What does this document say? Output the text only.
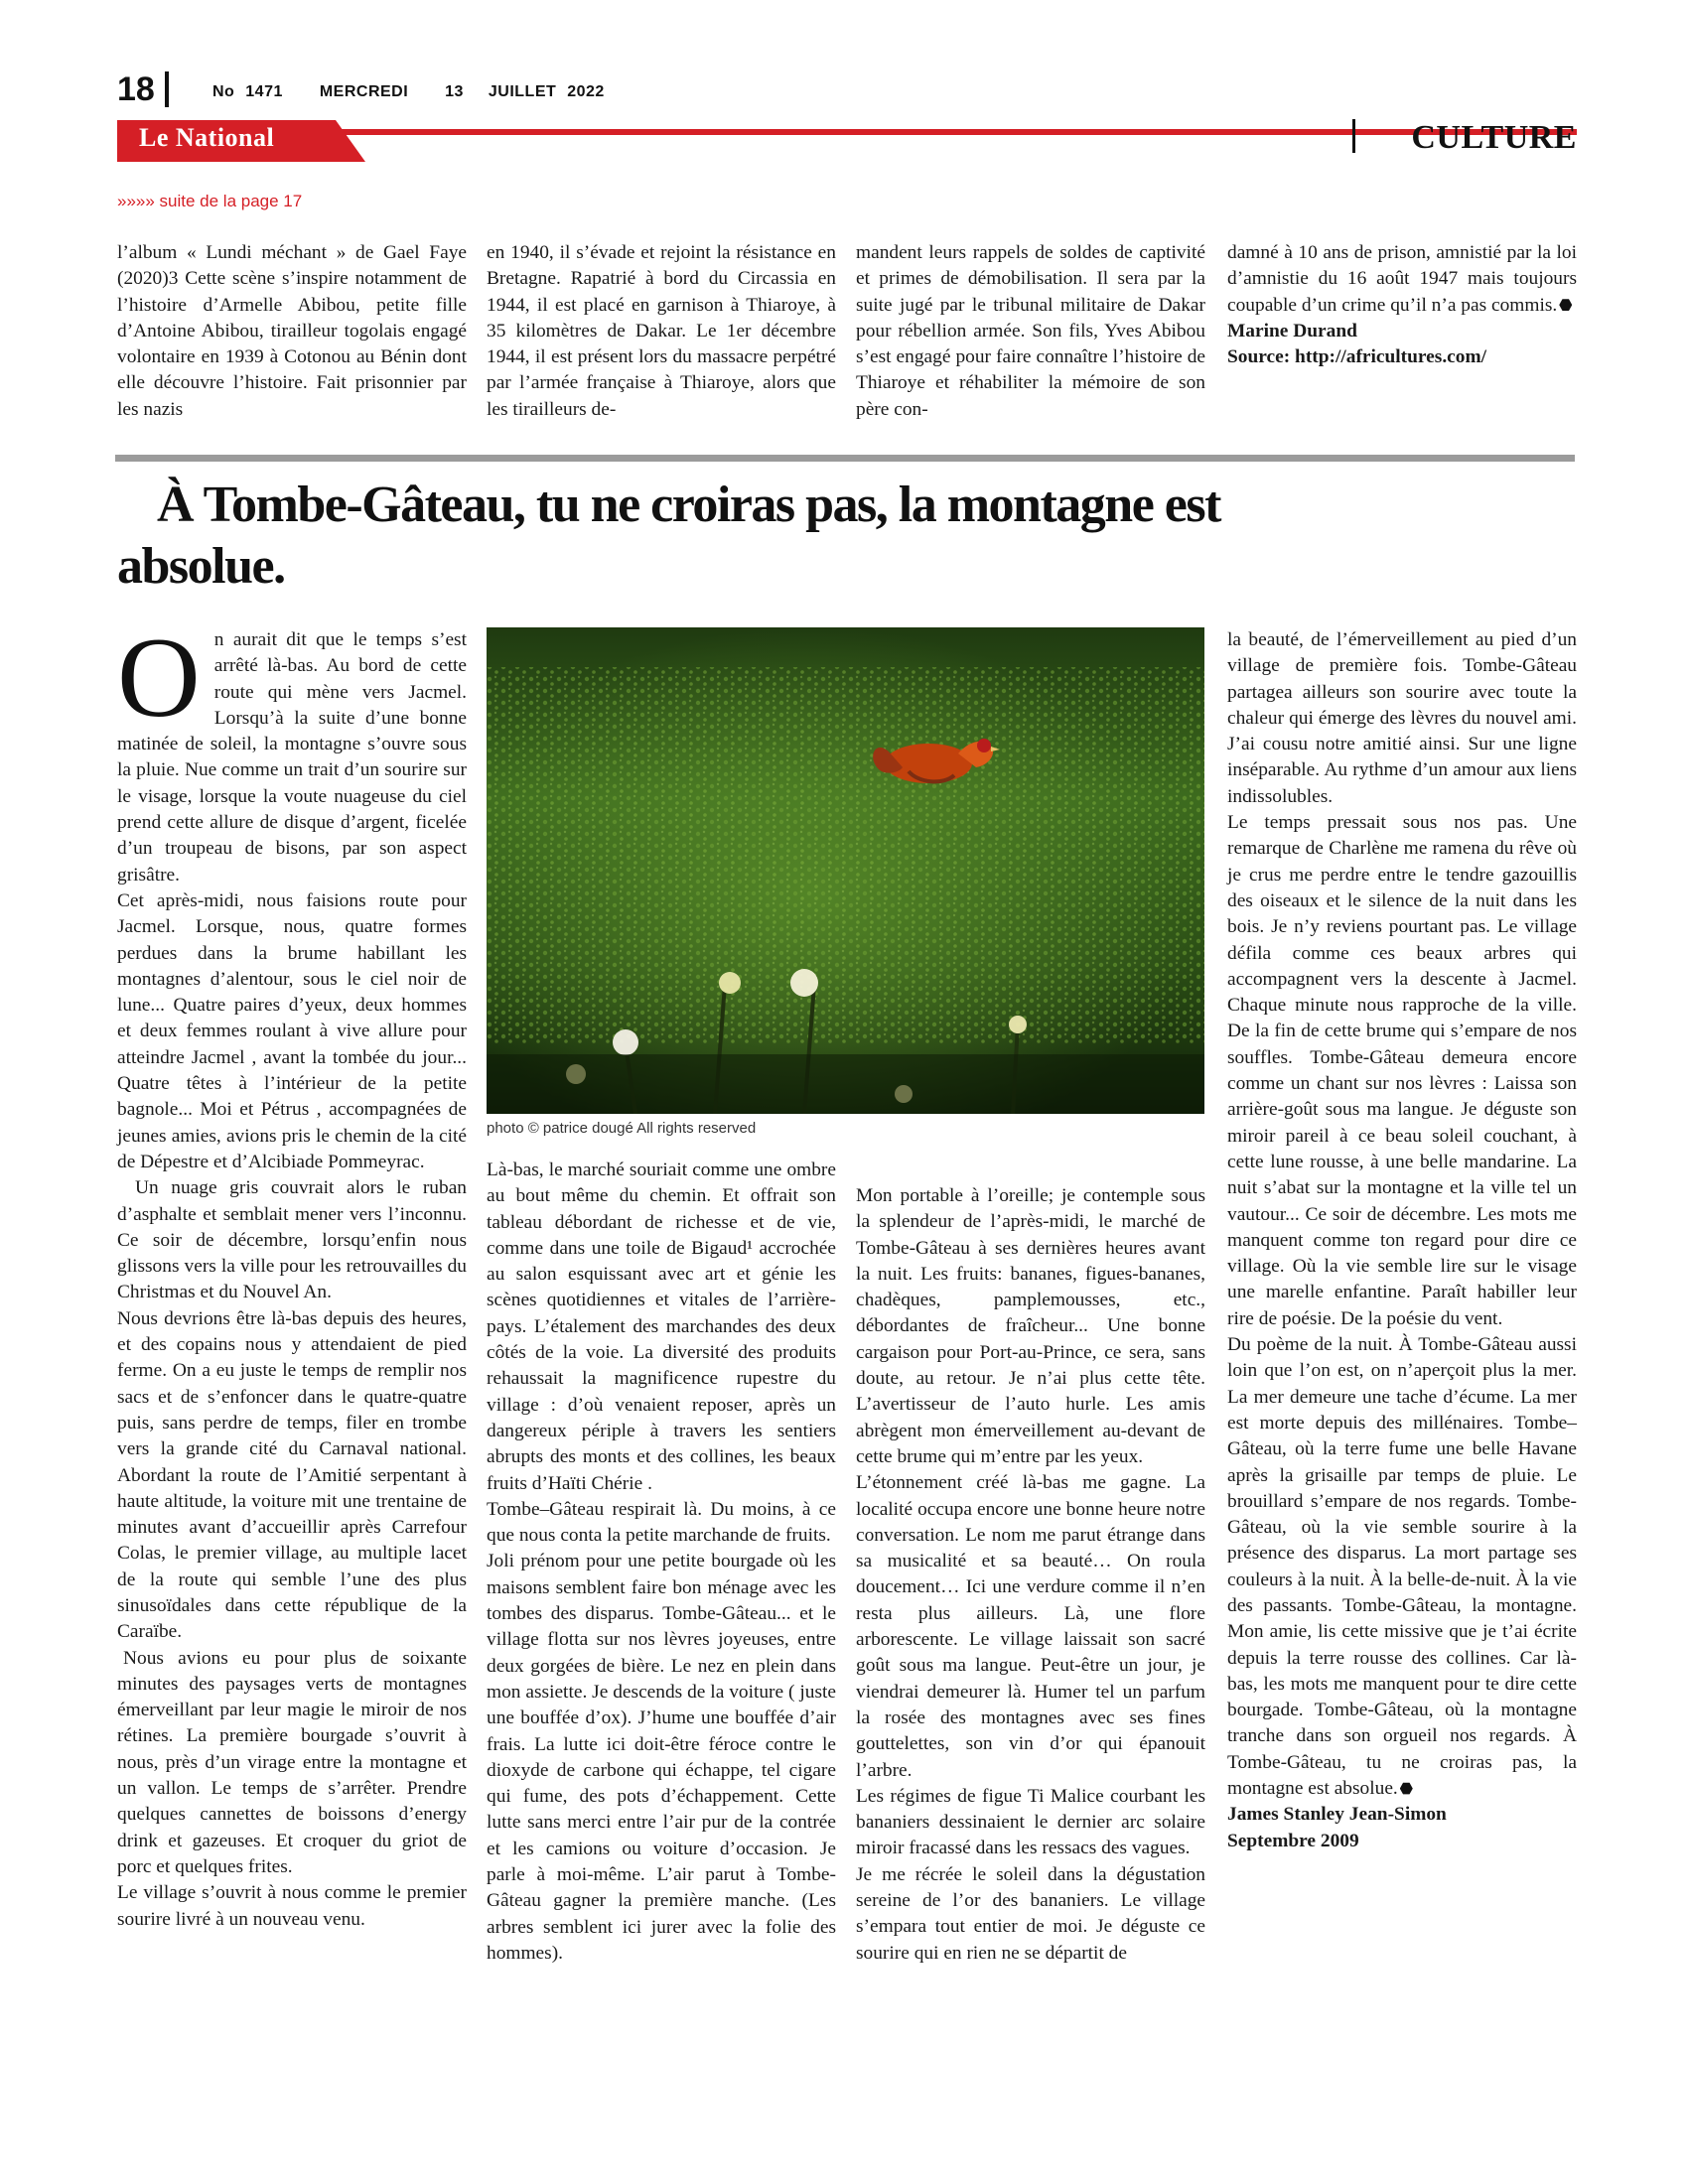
18	No 1471 MERCREDI 13 JUILLET 2022
Le National	CULTURE
»»»» suite de la page 17

l’album « Lundi méchant » de Gael Faye (2020)3 Cette scène s’inspire notamment de l’histoire d’Armelle Abibou, petite fille d’Antoine Abibou, tirailleur togolais engagé volontaire en 1939 à Cotonou au Bénin dont elle découvre l’histoire. Fait prisonnier par les nazis

en 1940, il s’évade et rejoint la résistance en Bretagne. Rapatrié à bord du Circassia en 1944, il est placé en garnison à Thiaroye, à 35 kilomètres de Dakar. Le 1er décembre 1944, il est présent lors du massacre perpétré par l’armée française à Thiaroye, alors que les tirailleurs de-

mandent leurs rappels de soldes de captivité et primes de démobilisation. Il sera par la suite jugé par le tribunal militaire de Dakar pour rébellion armée. Son fils, Yves Abibou s’est engagé pour faire connaître l’histoire de Thiaroye et réhabiliter la mémoire de son père con-

damné à 10 ans de prison, amnistié par la loi d’amnistie du 16 août 1947 mais toujours coupable d’un crime qu’il n’a pas commis.

Marine Durand

Source: http://africultures.com/

À Tombe-Gâteau, tu ne croiras pas, la montagne est absolue.

On aurait dit que le temps s’est arrêté là-bas. Au bord de cette route qui mène vers Jacmel. Lorsqu’à la suite d’une bonne matinée de soleil, la montagne s’ouvre sous la pluie. Nue comme un trait d’un sourire sur le visage, lorsque la voute nuageuse du ciel prend cette allure de disque d’argent, ficelée d’un troupeau de bisons, par son aspect grisâtre.

Cet après-midi, nous faisions route pour Jacmel. Lorsque, nous, quatre formes perdues dans la brume habillant les montagnes d’alentour, sous le ciel noir de lune... Quatre paires d’yeux, deux hommes et deux femmes roulant à vive allure pour atteindre Jacmel , avant la tombée du jour... Quatre têtes à l’intérieur de la petite bagnole... Moi et Pétrus , accompagnées de jeunes amies, avions pris le chemin de la cité de Dépestre et d’Alcibiade Pommeyrac.

Un nuage gris couvrait alors le ruban d’asphalte et semblait mener vers l’inconnu. Ce soir de décembre, lorsqu’enfin nous glissons vers la ville pour les retrouvailles du Christmas et du Nouvel An.

Nous devrions être là-bas depuis des heures, et des copains nous y attendaient de pied ferme. On a eu juste le temps de remplir nos sacs et de s’enfoncer dans le quatre-quatre puis, sans perdre de temps, filer en trombe vers la grande cité du Carnaval national. Abordant la route de l’Amitié serpentant à haute altitude, la voiture mit une trentaine de minutes avant d’accueillir après Carrefour Colas, le premier village, au multiple lacet de la route qui semble l’une des plus sinusoïdales dans cette république de la Caraïbe.

Nous avions eu pour plus de soixante minutes des paysages verts de montagnes émerveillant par leur magie le miroir de nos rétines. La première bourgade s’ouvrit à nous, près d’un virage entre la montagne et un vallon. Le temps de s’arrêter. Prendre quelques cannettes de boissons d’energy drink et gazeuses. Et croquer du griot de porc et quelques frites.

Le village s’ouvrit à nous comme le premier sourire livré à un nouveau venu.

photo © patrice dougé All rights reserved

Là-bas, le marché souriait comme une ombre au bout même du chemin. Et offrait son tableau débordant de richesse et de vie, comme dans une toile de Bigaud¹ accrochée au salon esquissant avec art et génie les scènes quotidiennes et vitales de l’arrière-pays. L’étalement des marchandes des deux côtés de la voie. La diversité des produits rehaussait la magnificence rupestre du village : d’où venaient reposer, après un dangereux périple à travers les sentiers abrupts des monts et des collines, les beaux fruits d’Haïti Chérie .

Tombe–Gâteau respirait là. Du moins, à ce que nous conta la petite marchande de fruits.

Joli prénom pour une petite bourgade où les maisons semblent faire bon ménage avec les tombes des disparus. Tombe-Gâteau... et le village flotta sur nos lèvres joyeuses, entre deux gorgées de bière. Le nez en plein dans mon assiette. Je descends de la voiture ( juste une bouffée d’ox). J’hume une bouffée d’air frais. La lutte ici doit-être féroce contre le dioxyde de carbone qui échappe, tel cigare qui fume, des pots d’échappement. Cette lutte sans merci entre l’air pur de la contrée et les camions ou voiture d’occasion. Je parle à moi-même. L’air parut à Tombe-Gâteau gagner la première manche. (Les arbres semblent ici jurer avec la folie des hommes).

Mon portable à l’oreille; je contemple sous la splendeur de l’après-midi, le marché de Tombe-Gâteau à ses dernières heures avant la nuit. Les fruits: bananes, figues-bananes, chadèques, pamplemousses, etc., débordantes de fraîcheur... Une bonne cargaison pour Port-au-Prince, ce sera, sans doute, au retour. Je n’ai plus cette tête. L’avertisseur de l’auto hurle. Les amis abrègent mon émerveillement au-devant de cette brume qui m’entre par les yeux.

L’étonnement créé là-bas me gagne. La localité occupa encore une bonne heure notre conversation. Le nom me parut étrange dans sa musicalité et sa beauté… On roula doucement… Ici une verdure comme il n’en resta plus ailleurs. Là, une flore arborescente. Le village laissait son sacré goût sous ma langue. Peut-être un jour, je viendrai demeurer là. Humer tel un parfum la rosée des montagnes avec ses fines gouttelettes, son vin d’or qui épanouit l’arbre.

Les régimes de figue Ti Malice courbant les bananiers dessinaient le dernier arc solaire miroir fracassé dans les ressacs des vagues.

Je me récrée le soleil dans la dégustation sereine de l’or des bananiers. Le village s’empara tout entier de moi. Je déguste ce sourire qui en rien ne se départit de

la beauté, de l’émerveillement au pied d’un village de première fois. Tombe-Gâteau partagea ailleurs son sourire avec toute la chaleur qui émerge des lèvres du nouvel ami. J’ai cousu notre amitié ainsi. Sur une ligne inséparable. Au rythme d’un amour aux liens indissolubles.

Le temps pressait sous nos pas. Une remarque de Charlène me ramena du rêve où je crus me perdre entre le tendre gazouillis des oiseaux et le silence de la nuit dans les bois. Je n’y reviens pourtant pas. Le village défila comme ces beaux arbres qui accompagnent vers la descente à Jacmel. Chaque minute nous rapproche de la ville. De la fin de cette brume qui s’empare de nos souffles. Tombe-Gâteau demeura encore comme un chant sur nos lèvres : Laissa son arrière-goût sous ma langue. Je déguste son miroir pareil à ce beau soleil couchant, à cette lune rousse, à une belle mandarine. La nuit s’abat sur la montagne et la ville tel un vautour... Ce soir de décembre. Les mots me manquent comme ton regard pour dire ce village. Où la vie semble lire sur le visage une marelle enfantine. Paraît habiller leur rire de poésie. De la poésie du vent.

Du poème de la nuit. À Tombe-Gâteau aussi loin que l’on est, on n’aperçoit plus la mer. La mer demeure une tache d’écume. La mer est morte depuis des millénaires. Tombe–Gâteau, où la terre fume une belle Havane après la grisaille par temps de pluie. Le brouillard s’empare de nos regards. Tombe-Gâteau, où la vie semble sourire à la présence des disparus. La mort partage ses couleurs à la nuit. À la belle-de-nuit. À la vie des passants. Tombe-Gâteau, la montagne. Mon amie, lis cette missive que je t’ai écrite depuis la terre rousse des collines. Car là-bas, les mots me manquent pour te dire cette bourgade. Tombe-Gâteau, où la montagne tranche dans son orgueil nos regards. À Tombe-Gâteau, tu ne croiras pas, la montagne est absolue.

James Stanley Jean-Simon

Septembre 2009
